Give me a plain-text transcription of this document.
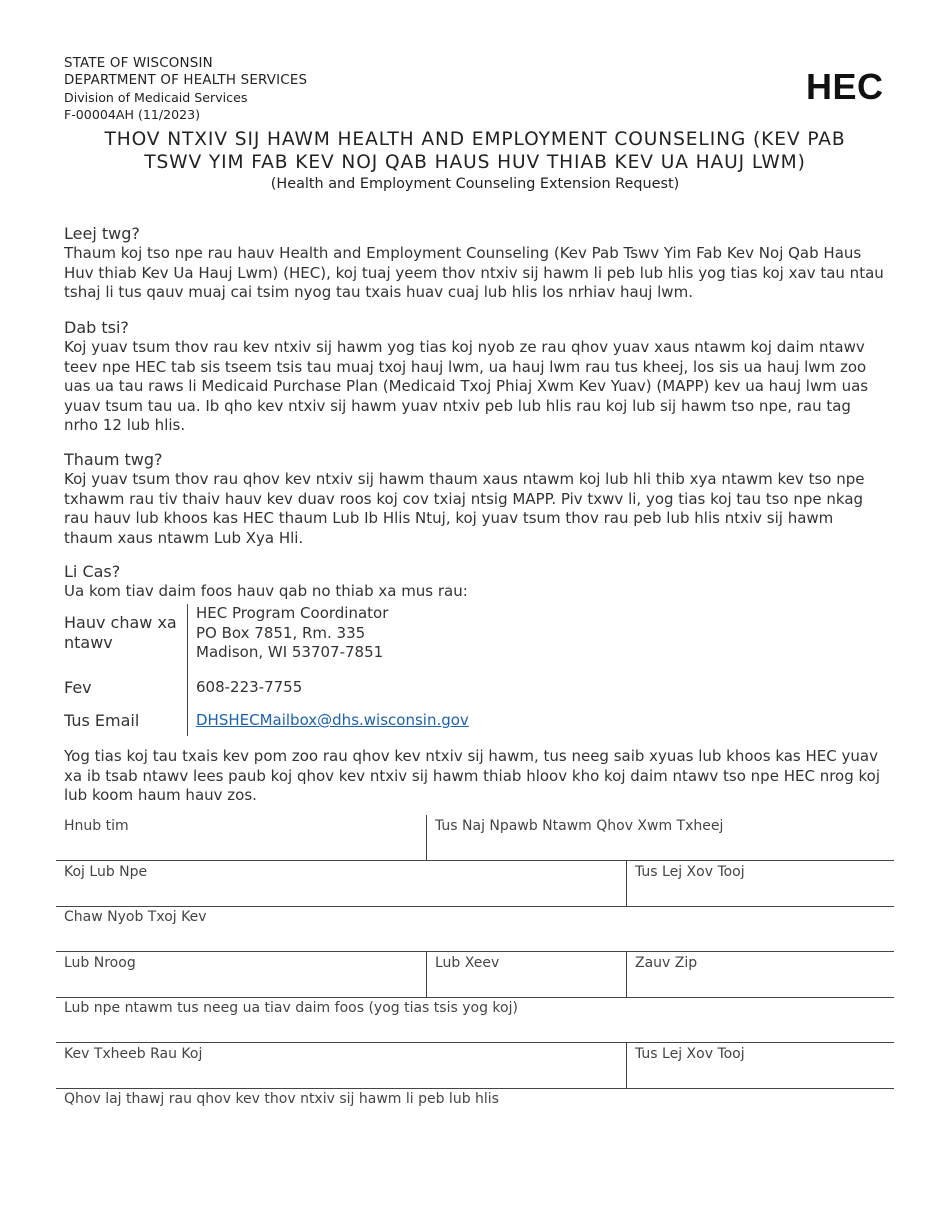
STATE OF WISCONSIN
DEPARTMENT OF HEALTH SERVICES
Division of Medicaid Services
F-00004AH (11/2023)
HEC
THOV NTXIV SIJ HAWM HEALTH AND EMPLOYMENT COUNSELING (KEV PAB
TSWV YIM FAB KEV NOJ QAB HAUS HUV THIAB KEV UA HAUJ LWM)
(Health and Employment Counseling Extension Request)

Leej twg?

Thaum koj tso npe rau hauv Health and Employment Counseling (Kev Pab Tswv Yim Fab Kev Noj Qab Haus Huv thiab Kev Ua Hauj Lwm) (HEC), koj tuaj yeem thov ntxiv sij hawm li peb lub hlis yog tias koj xav tau ntau tshaj li tus qauv muaj cai tsim nyog tau txais huav cuaj lub hlis los nrhiav hauj lwm.

Dab tsi?

Koj yuav tsum thov rau kev ntxiv sij hawm yog tias koj nyob ze rau qhov yuav xaus ntawm koj daim ntawv teev npe HEC tab sis tseem tsis tau muaj txoj hauj lwm, ua hauj lwm rau tus kheej, los sis ua hauj lwm zoo uas ua tau raws li Medicaid Purchase Plan (Medicaid Txoj Phiaj Xwm Kev Yuav) (MAPP) kev ua hauj lwm uas yuav tsum tau ua. Ib qho kev ntxiv sij hawm yuav ntxiv peb lub hlis rau koj lub sij hawm tso npe, rau tag nrho 12 lub hlis.

Thaum twg?

Koj yuav tsum thov rau qhov kev ntxiv sij hawm thaum xaus ntawm koj lub hli thib xya ntawm kev tso npe txhawm rau tiv thaiv hauv kev duav roos koj cov txiaj ntsig MAPP. Piv txwv li, yog tias koj tau tso npe nkag rau hauv lub khoos kas HEC thaum Lub Ib Hlis Ntuj, koj yuav tsum thov rau peb lub hlis ntxiv sij hawm thaum xaus ntawm Lub Xya Hli.

Li Cas?

Ua kom tiav daim foos hauv qab no thiab xa mus rau:

Hauv chaw xa ntawv
HEC Program Coordinator
PO Box 7851, Rm. 335
Madison, WI 53707-7851
Fev	608-223-7755
Tus Email	DHSHECMailbox@dhs.wisconsin.gov

Yog tias koj tau txais kev pom zoo rau qhov kev ntxiv sij hawm, tus neeg saib xyuas lub khoos kas HEC yuav xa ib tsab ntawv lees paub koj qhov kev ntxiv sij hawm thiab hloov kho koj daim ntawv tso npe HEC nrog koj lub koom haum hauv zos.

Hnub tim	Tus Naj Npawb Ntawm Qhov Xwm Txheej
Koj Lub Npe	Tus Lej Xov Tooj
Chaw Nyob Txoj Kev
Lub Nroog	Lub Xeev	Zauv Zip
Lub npe ntawm tus neeg ua tiav daim foos (yog tias tsis yog koj)
Kev Txheeb Rau Koj	Tus Lej Xov Tooj
Qhov laj thawj rau qhov kev thov ntxiv sij hawm li peb lub hlis
